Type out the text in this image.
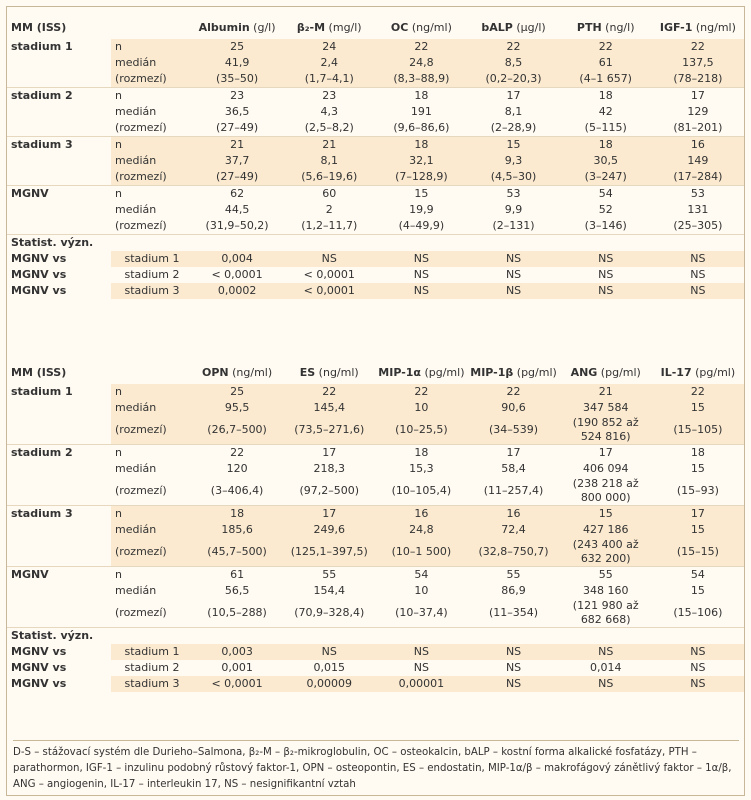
MM (ISS)		Albumin (g/l)	β₂-M (mg/l)	OC (ng/ml)	bALP (μg/l)	PTH (ng/l)	IGF-1 (ng/ml)
stadium 1	n	25	24	22	22	22	22
	medián	41,9	2,4	24,8	8,5	61	137,5
	(rozmezí)	(35–50)	(1,7–4,1)	(8,3–88,9)	(0,2–20,3)	(4–1 657)	(78–218)
stadium 2	n	23	23	18	17	18	17
	medián	36,5	4,3	191	8,1	42	129
	(rozmezí)	(27–49)	(2,5–8,2)	(9,6–86,6)	(2–28,9)	(5–115)	(81–201)
stadium 3	n	21	21	18	15	18	16
	medián	37,7	8,1	32,1	9,3	30,5	149
	(rozmezí)	(27–49)	(5,6–19,6)	(7–128,9)	(4,5–30)	(3–247)	(17–284)
MGNV	n	62	60	15	53	54	53
	medián	44,5	2	19,9	9,9	52	131
	(rozmezí)	(31,9–50,2)	(1,2–11,7)	(4–49,9)	(2–131)	(3–146)	(25–305)
Statist. význ.							
MGNV vs	stadium 1	0,004	NS	NS	NS	NS	NS
MGNV vs	stadium 2	< 0,0001	< 0,0001	NS	NS	NS	NS
MGNV vs	stadium 3	0,0002	< 0,0001	NS	NS	NS	NS
MM (ISS)		OPN (ng/ml)	ES (ng/ml)	MIP-1α (pg/ml)	MIP-1β (pg/ml)	ANG (pg/ml)	IL-17 (pg/ml)
stadium 1	n	25	22	22	22	21	22
	medián	95,5	145,4	10	90,6	347 584	15
	(rozmezí)	(26,7–500)	(73,5–271,6)	(10–25,5)	(34–539)	(190 852 až 524 816)	(15–105)
stadium 2	n	22	17	18	17	17	18
	medián	120	218,3	15,3	58,4	406 094	15
	(rozmezí)	(3–406,4)	(97,2–500)	(10–105,4)	(11–257,4)	(238 218 až 800 000)	(15–93)
stadium 3	n	18	17	16	16	15	17
	medián	185,6	249,6	24,8	72,4	427 186	15
	(rozmezí)	(45,7–500)	(125,1–397,5)	(10–1 500)	(32,8–750,7)	(243 400 až 632 200)	(15–15)
MGNV	n	61	55	54	55	55	54
	medián	56,5	154,4	10	86,9	348 160	15
	(rozmezí)	(10,5–288)	(70,9–328,4)	(10–37,4)	(11–354)	(121 980 až 682 668)	(15–106)
Statist. význ.							
MGNV vs	stadium 1	0,003	NS	NS	NS	NS	NS
MGNV vs	stadium 2	0,001	0,015	NS	NS	0,014	NS
MGNV vs	stadium 3	< 0,0001	0,00009	0,00001	NS	NS	NS
D-S – stážovací systém dle Durieho–Salmona, β₂-M – β₂-mikroglobulin, OC – osteokalcin, bALP – kostní forma alkalické fosfatázy, PTH – parathormon, IGF-1 – inzulinu podobný růstový faktor-1, OPN – osteopontin, ES – endostatin, MIP-1α/β – makrofágový zánětlivý faktor – 1α/β, ANG – angiogenin, IL-17 – interleukin 17, NS – nesignifikantní vztah
